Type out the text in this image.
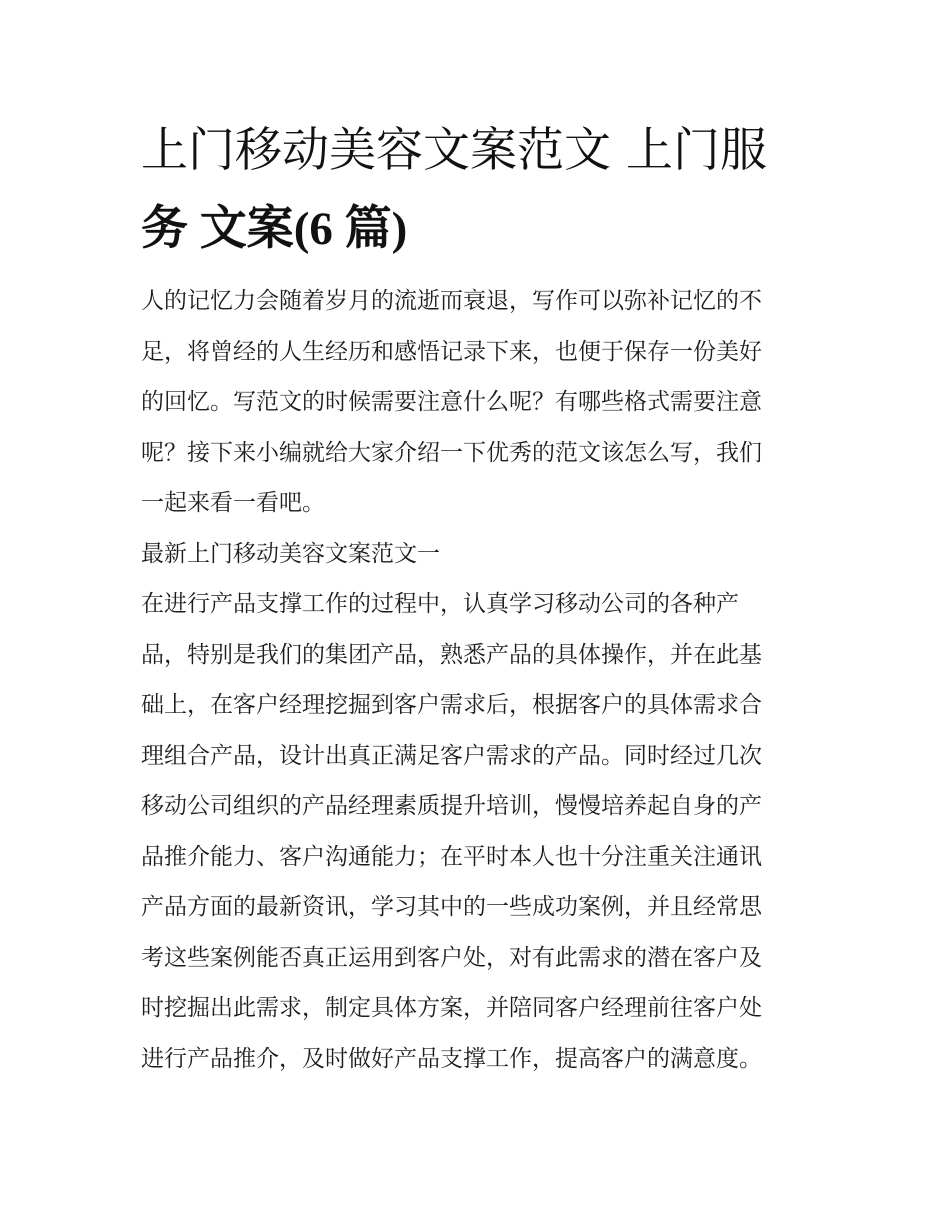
上门移动美容文案范文 上门服
务 文案(6 篇)

人的记忆力会随着岁月的流逝而衰退，写作可以弥补记忆的不
足，将曾经的人生经历和感悟记录下来，也便于保存一份美好
的回忆。写范文的时候需要注意什么呢？有哪些格式需要注意
呢？接下来小编就给大家介绍一下优秀的范文该怎么写，我们
一起来看一看吧。

最新上门移动美容文案范文一

在进行产品支撑工作的过程中，认真学习移动公司的各种产
品，特别是我们的集团产品，熟悉产品的具体操作，并在此基
础上，在客户经理挖掘到客户需求后，根据客户的具体需求合
理组合产品，设计出真正满足客户需求的产品。同时经过几次
移动公司组织的产品经理素质提升培训，慢慢培养起自身的产
品推介能力、客户沟通能力；在平时本人也十分注重关注通讯
产品方面的最新资讯，学习其中的一些成功案例，并且经常思
考这些案例能否真正运用到客户处，对有此需求的潜在客户及
时挖掘出此需求，制定具体方案，并陪同客户经理前往客户处
进行产品推介，及时做好产品支撑工作，提高客户的满意度。
